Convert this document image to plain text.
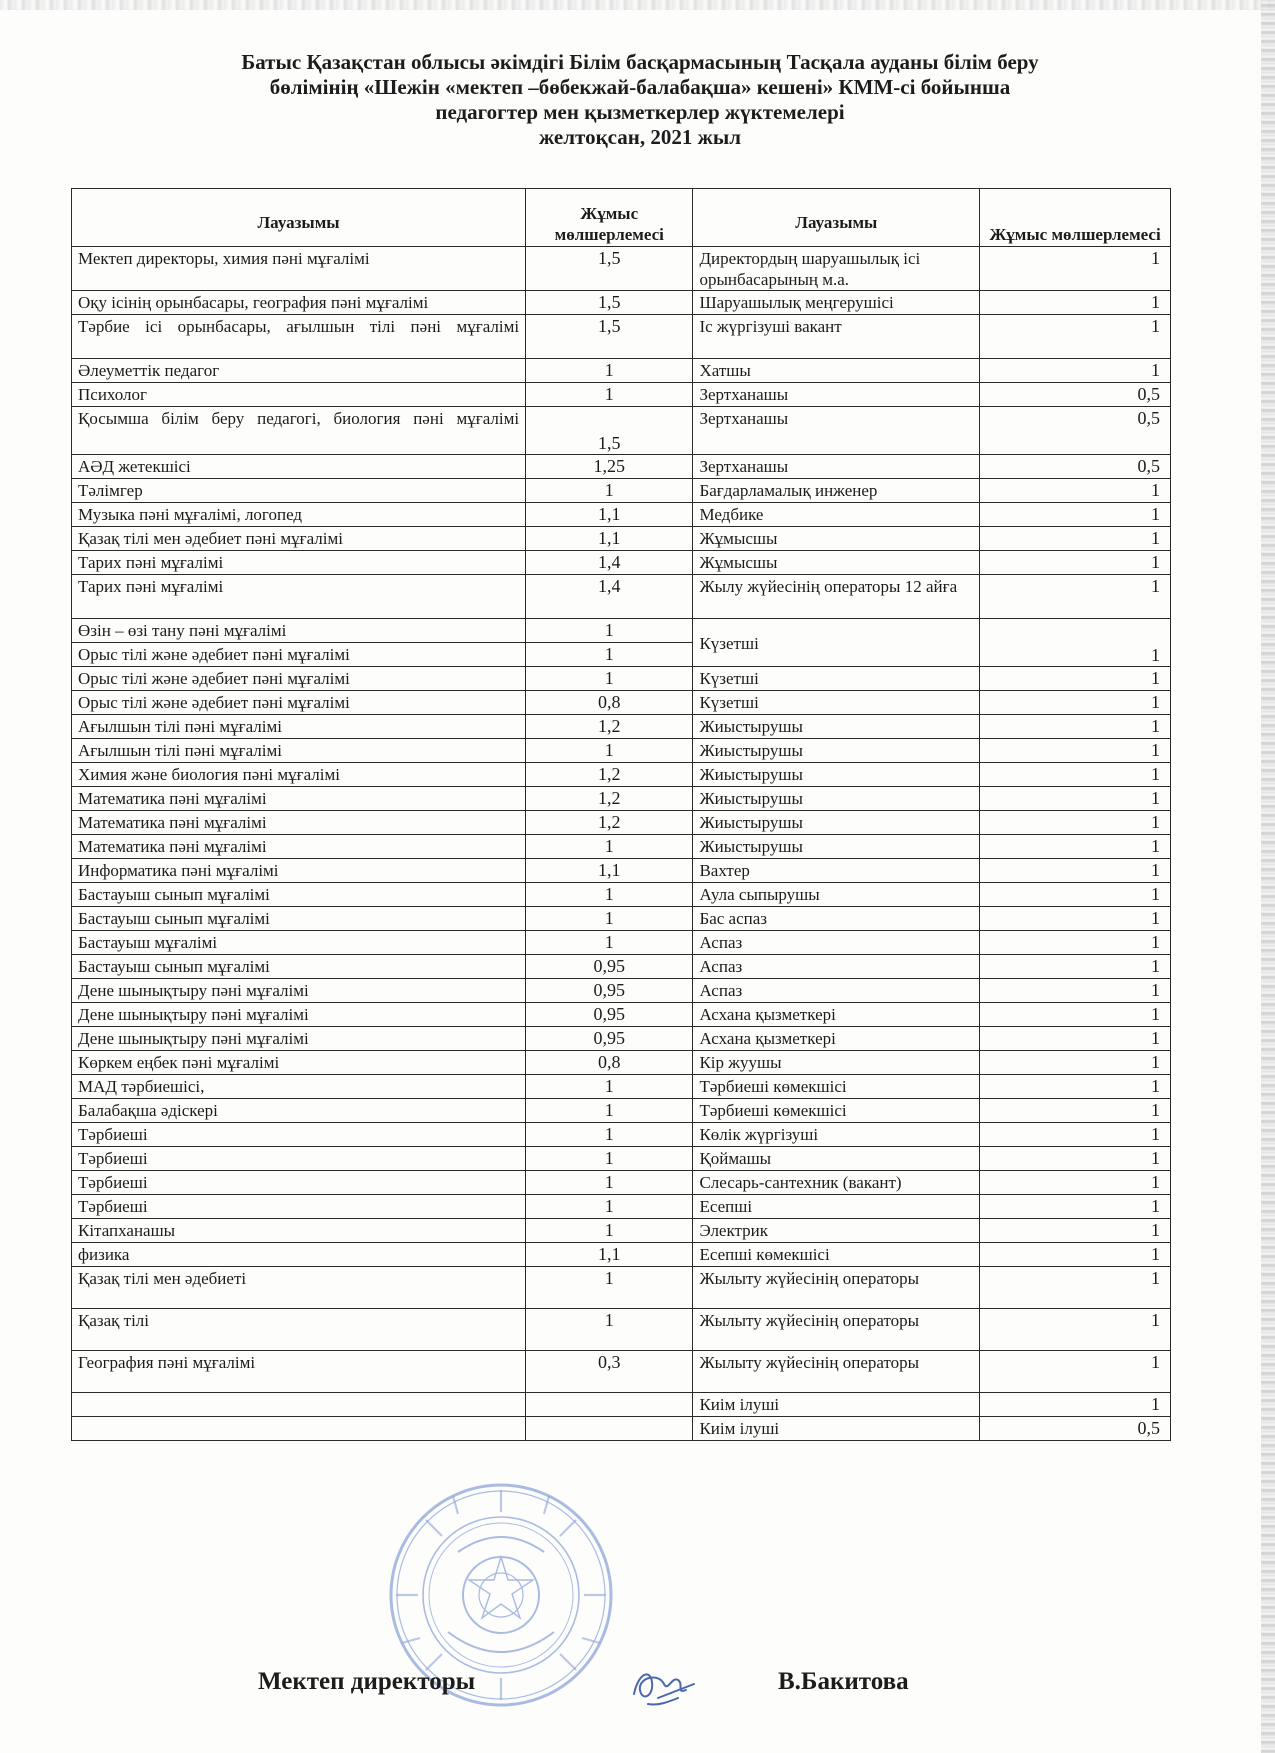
Батыс Қазақстан облысы әкімдігі Білім басқармасының Тасқала ауданы білім беру
бөлімінің «Шежін «мектеп –бөбекжай-балабақша» кешені» КММ-сі бойынша
педагогтер мен қызметкерлер жүктемелері
желтоқсан, 2021 жыл
Лауазымы	Жұмыс мөлшерлемесі	Лауазымы	Жұмыс мөлшерлемесі
Мектеп директоры, химия пәні мұғалімі	1,5	Директордың шаруашылық ісі орынбасарының м.а.	1
Оқу ісінің орынбасары, география пәні мұғалімі	1,5	Шаруашылық меңгерушісі	1
Тәрбие ісі орынбасары, ағылшын тілі пәні мұғалімі	1,5	Іс жүргізуші вакант	1
Әлеуметтік педагог	1	Хатшы	1
Психолог	1	Зертханашы	0,5
Қосымша білім беру педагогі, биология пәні мұғалімі	1,5	Зертханашы	0,5
АӘД жетекшісі	1,25	Зертханашы	0,5
Тәлімгер	1	Бағдарламалық инженер	1
Музыка пәні мұғалімі, логопед	1,1	Медбике	1
Қазақ тілі мен әдебиет пәні мұғалімі	1,1	Жұмысшы	1
Тарих пәні мұғалімі	1,4	Жұмысшы	1
Тарих пәні мұғалімі	1,4	Жылу жүйесінің операторы 12 айға	1
Өзін – өзі тану пәні мұғалімі	1	Күзетші	1
Орыс тілі және әдебиет пәні мұғалімі	1		
Орыс тілі және әдебиет пәні мұғалімі	1	Күзетші	1
Орыс тілі және әдебиет пәні мұғалімі	0,8	Күзетші	1
Ағылшын тілі пәні мұғалімі	1,2	Жиыстырушы	1
Ағылшын тілі пәні мұғалімі	1	Жиыстырушы	1
Химия және биология пәні мұғалімі	1,2	Жиыстырушы	1
Математика пәні мұғалімі	1,2	Жиыстырушы	1
Математика пәні мұғалімі	1,2	Жиыстырушы	1
Математика пәні мұғалімі	1	Жиыстырушы	1
Информатика пәні мұғалімі	1,1	Вахтер	1
Бастауыш сынып мұғалімі	1	Аула сыпырушы	1
Бастауыш сынып мұғалімі	1	Бас аспаз	1
Бастауыш мұғалімі	1	Аспаз	1
Бастауыш сынып мұғалімі	0,95	Аспаз	1
Дене шынықтыру пәні мұғалімі	0,95	Аспаз	1
Дене шынықтыру пәні мұғалімі	0,95	Асхана қызметкері	1
Дене шынықтыру пәні мұғалімі	0,95	Асхана қызметкері	1
Көркем еңбек пәні мұғалімі	0,8	Кір жуушы	1
МАД тәрбиешісі,	1	Тәрбиеші көмекшісі	1
Балабақша әдіскері	1	Тәрбиеші көмекшісі	1
Тәрбиеші	1	Көлік жүргізуші	1
Тәрбиеші	1	Қоймашы	1
Тәрбиеші	1	Слесарь-сантехник (вакант)	1
Тәрбиеші	1	Есепші	1
Кітапханашы	1	Электрик	1
физика	1,1	Есепші көмекшісі	1
Қазақ тілі мен әдебиеті	1	Жылыту жүйесінің операторы	1
Қазақ тілі	1	Жылыту жүйесінің операторы	1
География пәні мұғалімі	0,3	Жылыту жүйесінің операторы	1
		Киім ілуші	1
		Киім ілуші	0,5
Мектеп директоры	В.Бакитова
